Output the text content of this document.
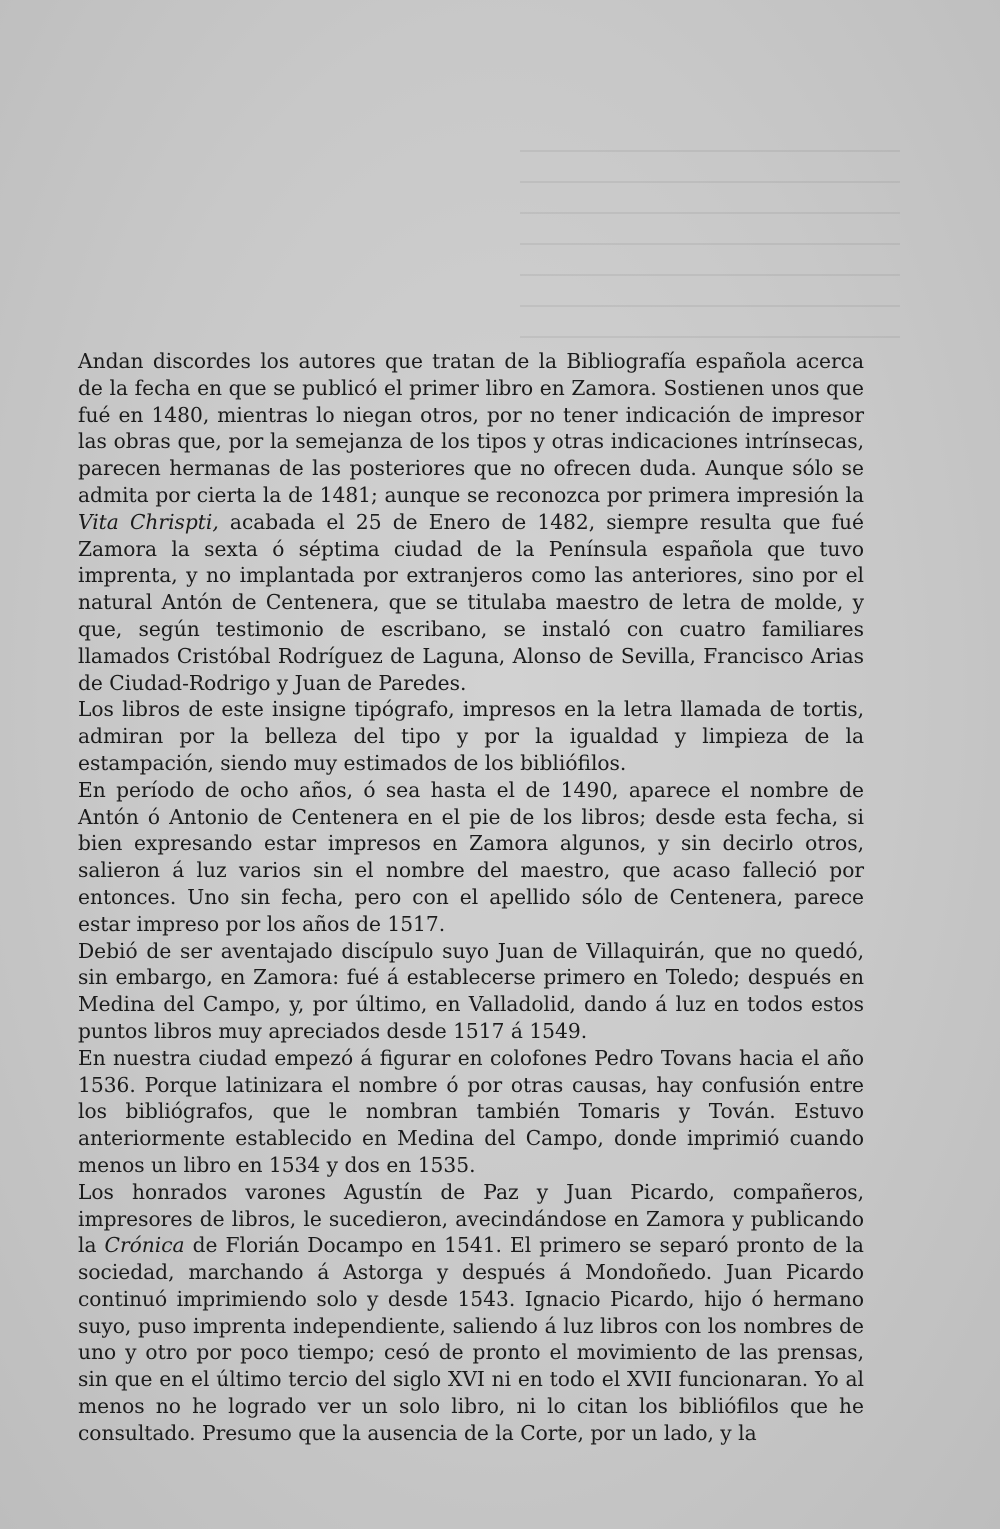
Andan discordes los autores que tratan de la Bibliografía española acerca de la fecha en que se publicó el primer libro en Zamora. Sostienen unos que fué en 1480, mientras lo niegan otros, por no tener indicación de impresor las obras que, por la semejanza de los tipos y otras indicaciones intrínsecas, parecen hermanas de las posteriores que no ofrecen duda. Aunque sólo se admita por cierta la de 1481; aunque se reconozca por primera impresión la Vita Chrispti, acabada el 25 de Enero de 1482, siempre resulta que fué Zamora la sexta ó séptima ciudad de la Península española que tuvo imprenta, y no implantada por extranjeros como las anteriores, sino por el natural Antón de Centenera, que se titulaba maestro de letra de molde, y que, según testimonio de escribano, se instaló con cuatro familiares llamados Cristóbal Rodríguez de Laguna, Alonso de Sevilla, Francisco Arias de Ciudad-Rodrigo y Juan de Paredes.

Los libros de este insigne tipógrafo, impresos en la letra llamada de tortis, admiran por la belleza del tipo y por la igualdad y limpieza de la estampación, siendo muy estimados de los bibliófilos.

En período de ocho años, ó sea hasta el de 1490, aparece el nombre de Antón ó Antonio de Centenera en el pie de los libros; desde esta fecha, si bien expresando estar impresos en Zamora algunos, y sin decirlo otros, salieron á luz varios sin el nombre del maestro, que acaso falleció por entonces. Uno sin fecha, pero con el apellido sólo de Centenera, parece estar impreso por los años de 1517.

Debió de ser aventajado discípulo suyo Juan de Villaquirán, que no quedó, sin embargo, en Zamora: fué á establecerse primero en Toledo; después en Medina del Campo, y, por último, en Valladolid, dando á luz en todos estos puntos libros muy apreciados desde 1517 á 1549.

En nuestra ciudad empezó á figurar en colofones Pedro Tovans hacia el año 1536. Porque latinizara el nombre ó por otras causas, hay confusión entre los bibliógrafos, que le nombran también Tomaris y Tován. Estuvo anteriormente establecido en Medina del Campo, donde imprimió cuando menos un libro en 1534 y dos en 1535.

Los honrados varones Agustín de Paz y Juan Picardo, compañeros, impresores de libros, le sucedieron, avecindándose en Zamora y publicando la Crónica de Florián Docampo en 1541. El primero se separó pronto de la sociedad, marchando á Astorga y después á Mondoñedo. Juan Picardo continuó imprimiendo solo y desde 1543. Ignacio Picardo, hijo ó hermano suyo, puso imprenta independiente, saliendo á luz libros con los nombres de uno y otro por poco tiempo; cesó de pronto el movimiento de las prensas, sin que en el último tercio del siglo XVI ni en todo el XVII funcionaran. Yo al menos no he logrado ver un solo libro, ni lo citan los bibliófilos que he consultado. Presumo que la ausencia de la Corte, por un lado, y la
